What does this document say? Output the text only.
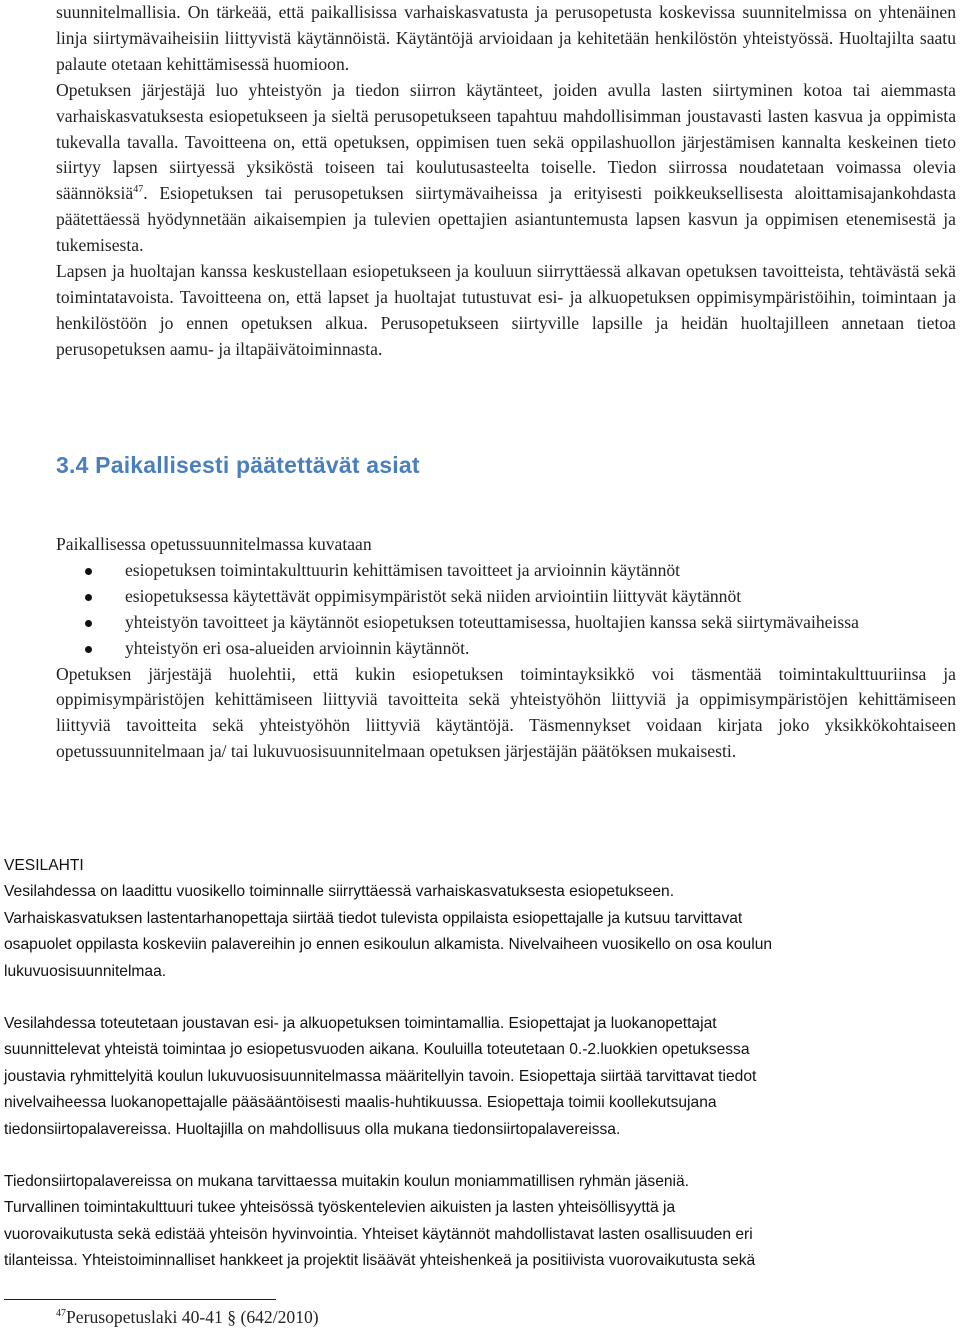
suunnitelmallisia. On tärkeää, että paikallisissa varhaiskasvatusta ja perusopetusta koskevissa suunnitelmissa on yhtenäinen linja siirtymävaiheisiin liittyvistä käytännöistä. Käytäntöjä arvioidaan ja kehitetään henkilöstön yhteistyössä. Huoltajilta saatu palaute otetaan kehittämisessä huomioon.

Opetuksen järjestäjä luo yhteistyön ja tiedon siirron käytänteet, joiden avulla lasten siirtyminen kotoa tai aiemmasta varhaiskasvatuksesta esiopetukseen ja sieltä perusopetukseen tapahtuu mahdollisimman joustavasti lasten kasvua ja oppimista tukevalla tavalla. Tavoitteena on, että opetuksen, oppimisen tuen sekä oppilashuollon järjestämisen kannalta keskeinen tieto siirtyy lapsen siirtyessä yksiköstä toiseen tai koulutusasteelta toiselle. Tiedon siirrossa noudatetaan voimassa olevia säännöksiä$^{47}$. Esiopetuksen tai perusopetuksen siirtymävaiheissa ja erityisesti poikkeuksellisesta aloittamisajankohdasta päätettäessä hyödynnetään aikaisempien ja tulevien opettajien asiantuntemusta lapsen kasvun ja oppimisen etenemisestä ja tukemisesta.

Lapsen ja huoltajan kanssa keskustellaan esiopetukseen ja kouluun siirryttäessä alkavan opetuksen tavoitteista, tehtävästä sekä toimintatavoista. Tavoitteena on, että lapset ja huoltajat tutustuvat esi- ja alkuopetuksen oppimisympäristöihin, toimintaan ja henkilöstöön jo ennen opetuksen alkua. Perusopetukseen siirtyville lapsille ja heidän huoltajilleen annetaan tietoa perusopetuksen aamu- ja iltapäivätoiminnasta.

3.4 Paikallisesti päätettävät asiat

Paikallisessa opetussuunnitelmassa kuvataan

esiopetuksen toimintakulttuurin kehittämisen tavoitteet ja arvioinnin käytännöt
esiopetuksessa käytettävät oppimisympäristöt sekä niiden arviointiin liittyvät käytännöt
yhteistyön tavoitteet ja käytännöt esiopetuksen toteuttamisessa, huoltajien kanssa sekä siirtymävaiheissa
yhteistyön eri osa-alueiden arvioinnin käytännöt.

Opetuksen järjestäjä huolehtii, että kukin esiopetuksen toimintayksikkö voi täsmentää toimintakulttuuriinsa ja oppimisympäristöjen kehittämiseen liittyviä tavoitteita sekä yhteistyöhön liittyviä ja oppimisympäristöjen kehittämiseen liittyviä tavoitteita sekä yhteistyöhön liittyviä käytäntöjä. Täsmennykset voidaan kirjata joko yksikkökohtaiseen opetussuunnitelmaan ja/ tai lukuvuosisuunnitelmaan opetuksen järjestäjän päätöksen mukaisesti.

VESILAHTI

Vesilahdessa on laadittu vuosikello toiminnalle siirryttäessä varhaiskasvatuksesta esiopetukseen.

Varhaiskasvatuksen lastentarhanopettaja siirtää tiedot tulevista oppilaista esiopettajalle ja kutsuu tarvittavat

osapuolet oppilasta koskeviin palavereihin jo ennen esikoulun alkamista. Nivelvaiheen vuosikello on osa koulun

lukuvuosisuunnitelmaa.

Vesilahdessa toteutetaan joustavan esi- ja alkuopetuksen toimintamallia. Esiopettajat ja luokanopettajat

suunnittelevat yhteistä toimintaa jo esiopetusvuoden aikana. Kouluilla toteutetaan 0.-2.luokkien opetuksessa

joustavia ryhmittelyitä koulun lukuvuosisuunnitelmassa määritellyin tavoin. Esiopettaja siirtää tarvittavat tiedot

nivelvaiheessa luokanopettajalle pääsääntöisesti maalis-huhtikuussa. Esiopettaja toimii koollekutsujana

tiedonsiirtopalavereissa. Huoltajilla on mahdollisuus olla mukana tiedonsiirtopalavereissa.

Tiedonsiirtopalavereissa on mukana tarvittaessa muitakin koulun moniammatillisen ryhmän jäseniä.

Turvallinen toimintakulttuuri tukee yhteisössä työskentelevien aikuisten ja lasten yhteisöllisyyttä ja

vuorovaikutusta sekä edistää yhteisön hyvinvointia. Yhteiset käytännöt mahdollistavat lasten osallisuuden eri

tilanteissa. Yhteistoiminnalliset hankkeet ja projektit lisäävät yhteishenkeä ja positiivista vuorovaikutusta sekä

$^{47}$Perusopetuslaki 40-41 § (642/2010)
